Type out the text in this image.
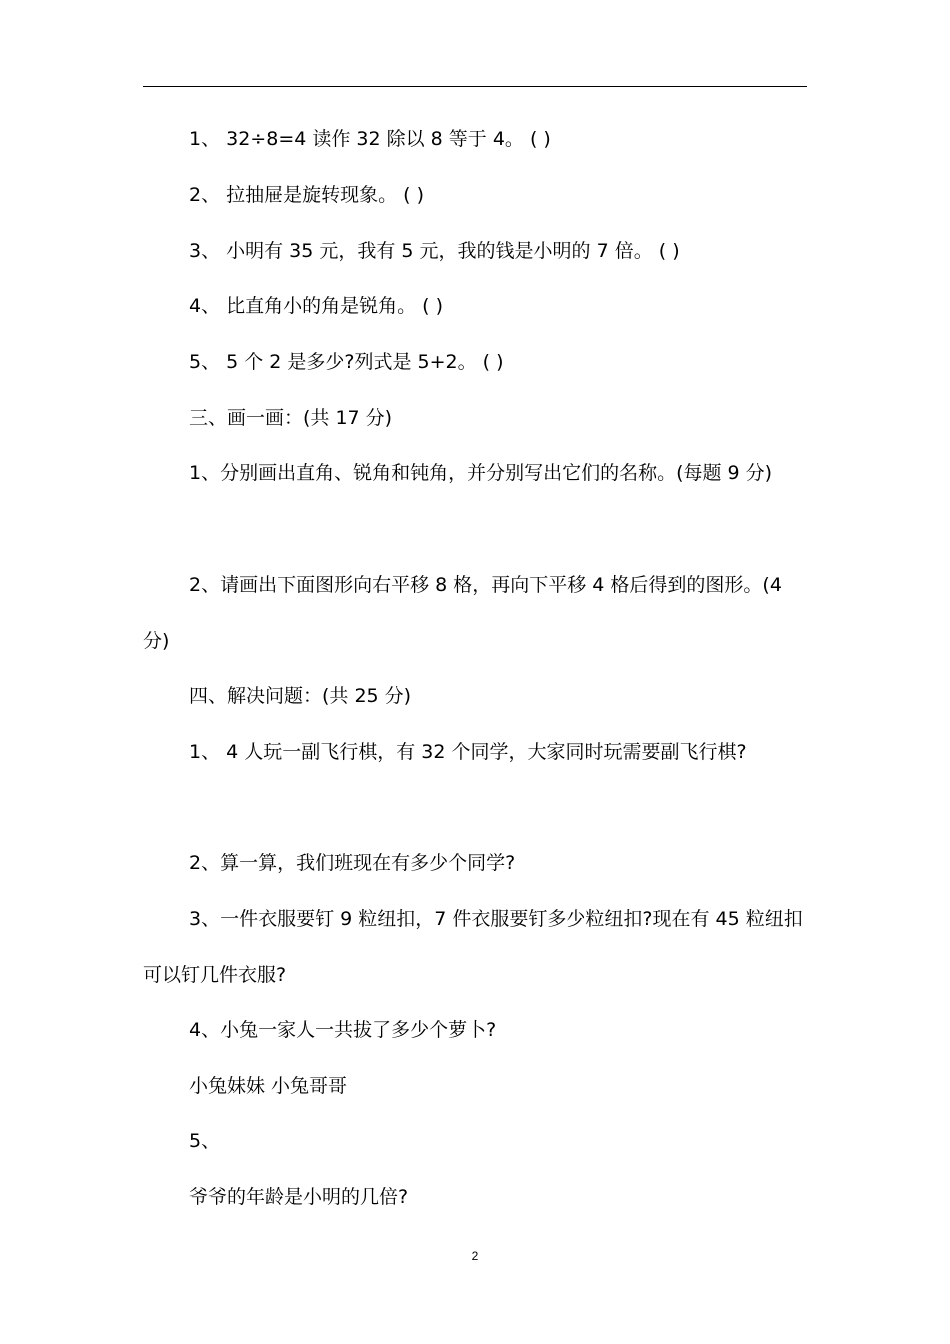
1、 32÷8=4 读作 32 除以 8 等于 4。 ( )

2、 拉抽屉是旋转现象。 ( )

3、 小明有 35 元，我有 5 元，我的钱是小明的 7 倍。 ( )

4、 比直角小的角是锐角。 ( )

5、 5 个 2 是多少?列式是 5+2。 ( )

三、画一画：(共 17 分)

1、分别画出直角、锐角和钝角，并分别写出它们的名称。(每题 9 分)

2、请画出下面图形向右平移 8 格，再向下平移 4 格后得到的图形。(4 分)

四、解决问题：(共 25 分)

1、 4 人玩一副飞行棋，有 32 个同学，大家同时玩需要副飞行棋?

2、算一算，我们班现在有多少个同学?

3、一件衣服要钉 9 粒纽扣，7 件衣服要钉多少粒纽扣?现在有 45 粒纽扣可以钉几件衣服?

4、小兔一家人一共拔了多少个萝卜?

小兔妹妹 小兔哥哥

5、

爷爷的年龄是小明的几倍?

2
